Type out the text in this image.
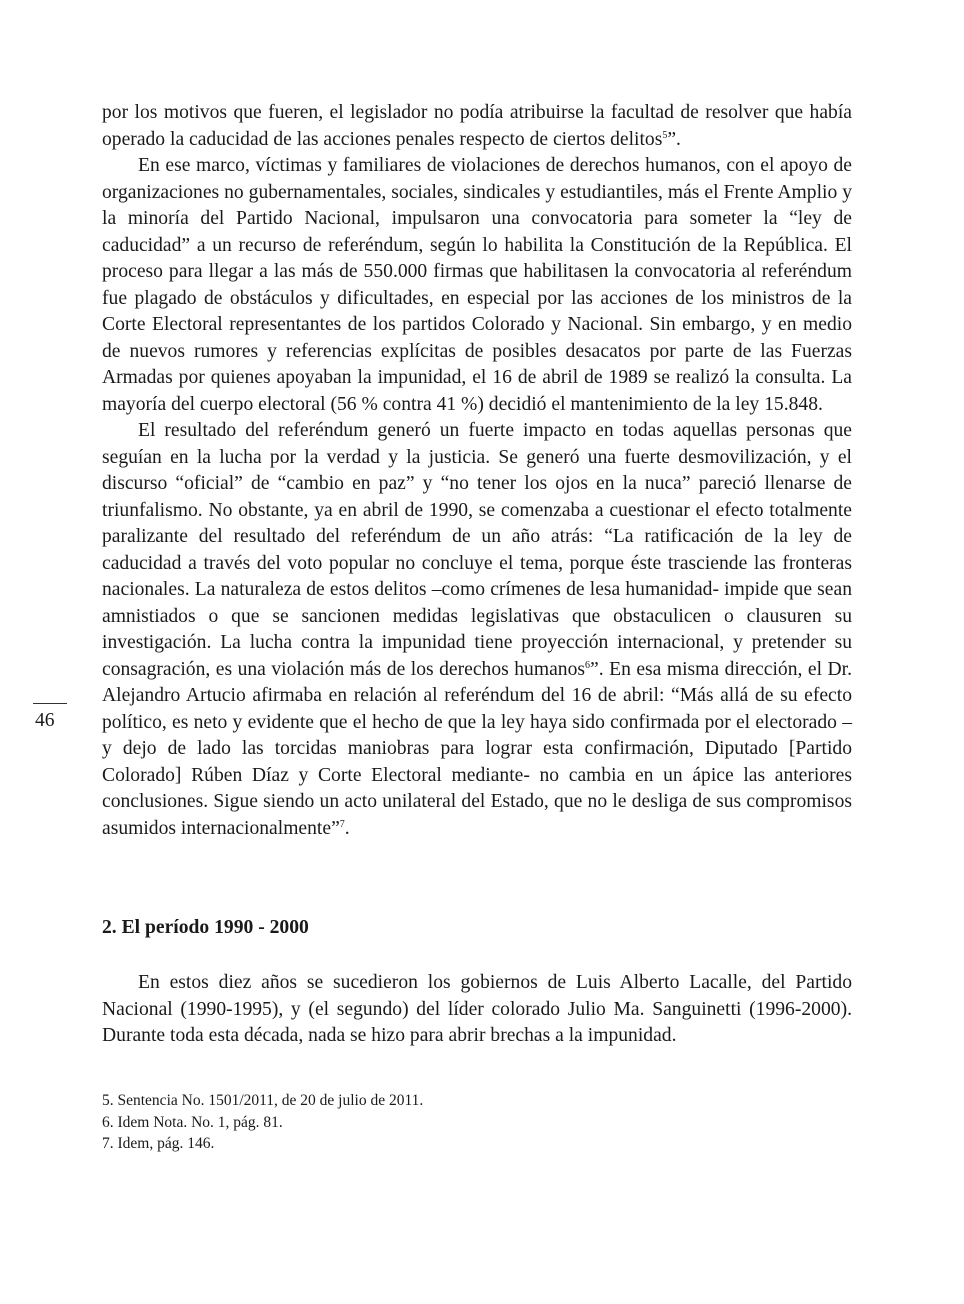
por los motivos que fueren, el legislador no podía atribuirse la facultad de resolver que había operado la caducidad de las acciones penales respecto de ciertos delitos$^5$”.

En ese marco, víctimas y familiares de violaciones de derechos humanos, con el apoyo de organizaciones no gubernamentales, sociales, sindicales y estudiantiles, más el Frente Amplio y la minoría del Partido Nacional, impulsaron una convocatoria para someter la “ley de caducidad” a un recurso de referéndum, según lo habilita la Constitución de la República. El proceso para llegar a las más de 550.000 firmas que habilitasen la convocatoria al referéndum fue plagado de obstáculos y dificultades, en especial por las acciones de los ministros de la Corte Electoral representantes de los partidos Colorado y Nacional. Sin embargo, y en medio de nuevos rumores y referencias explícitas de posibles desacatos por parte de las Fuerzas Armadas por quienes apoyaban la impunidad, el 16 de abril de 1989 se realizó la consulta. La mayoría del cuerpo electoral (56 % contra 41 %) decidió el mantenimiento de la ley 15.848.

El resultado del referéndum generó un fuerte impacto en todas aquellas personas que seguían en la lucha por la verdad y la justicia. Se generó una fuerte desmovilización, y el discurso “oficial” de “cambio en paz” y “no tener los ojos en la nuca” pareció llenarse de triunfalismo. No obstante, ya en abril de 1990, se comenzaba a cuestionar el efecto totalmente paralizante del resultado del referéndum de un año atrás: “La ratificación de la ley de caducidad a través del voto popular no concluye el tema, porque éste trasciende las fronteras nacionales. La naturaleza de estos delitos –como crímenes de lesa humanidad- impide que sean amnistiados o que se sancionen medidas legislativas que obstaculicen o clausuren su investigación. La lucha contra la impunidad tiene proyección internacional, y pretender su consagración, es una violación más de los derechos humanos$^6$”. En esa misma dirección, el Dr. Alejandro Artucio afirmaba en relación al referéndum del 16 de abril: “Más allá de su efecto político, es neto y evidente que el hecho de que la ley haya sido confirmada por el electorado – y dejo de lado las torcidas maniobras para lograr esta confirmación, Diputado [Partido Colorado] Rúben Díaz y Corte Electoral mediante- no cambia en un ápice las anteriores conclusiones. Sigue siendo un acto unilateral del Estado, que no le desliga de sus compromisos asumidos internacionalmente”$^7$.

2. El período 1990 - 2000

En estos diez años se sucedieron los gobiernos de Luis Alberto Lacalle, del Partido Nacional (1990-1995), y (el segundo) del líder colorado Julio Ma. Sanguinetti (1996-2000). Durante toda esta década, nada se hizo para abrir brechas a la impunidad.

5. Sentencia No. 1501/2011, de 20 de julio de 2011.

6. Idem Nota. No. 1, pág. 81.

7. Idem, pág. 146.

46
